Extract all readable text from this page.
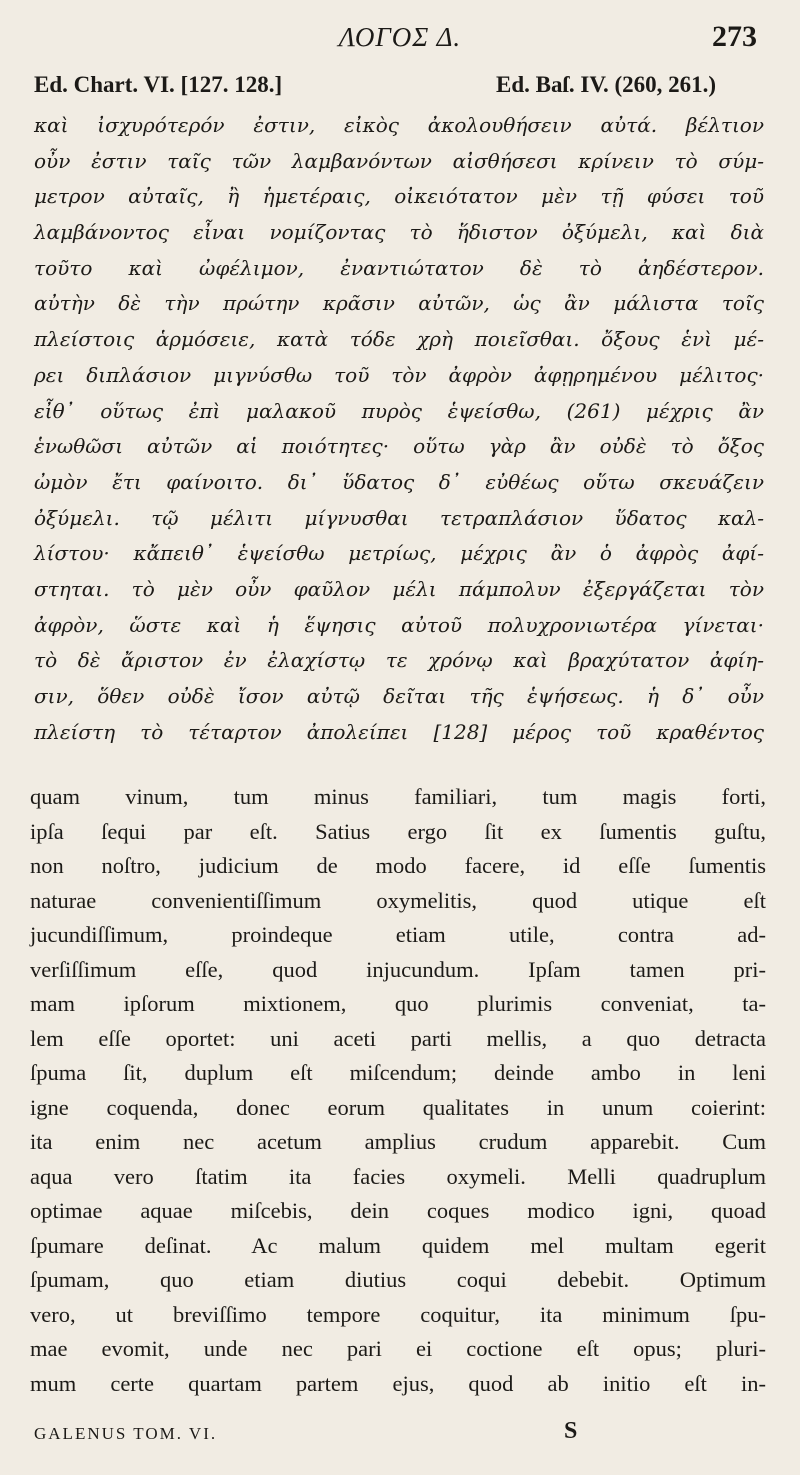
ΛΟΓΟΣ Δ.	273
Ed. Chart. VI. [127. 128.]	Ed. Baſ. IV. (260, 261.)
καὶ ἰσχυρότερόν ἐστιν, εἰκὸς ἀκολουθήσειν αὐτά. βέλτιον
οὖν ἐστιν ταῖς τῶν λαμβανόντων αἰσθήσεσι κρίνειν τὸ σύμ-
μετρον αὐταῖς, ἢ ἡμετέραις, οἰκειότατον μὲν τῇ φύσει τοῦ
λαμβάνοντος εἶναι νομίζοντας τὸ ἥδιστον ὀξύμελι, καὶ διὰ
τοῦτο καὶ ὠφέλιμον, ἐναντιώτατον δὲ τὸ ἀηδέστερον.
αὐτὴν δὲ τὴν πρώτην κρᾶσιν αὐτῶν, ὡς ἂν μάλιστα τοῖς
πλείστοις ἁρμόσειε, κατὰ τόδε χρὴ ποιεῖσθαι. ὄξους ἑνὶ μέ-
ρει διπλάσιον μιγνύσθω τοῦ τὸν ἀφρὸν ἀφῃρημένου μέλιτος·
εἶθ᾽ οὕτως ἐπὶ μαλακοῦ πυρὸς ἑψείσθω, (261) μέχρις ἂν
ἑνωθῶσι αὐτῶν αἱ ποιότητες· οὕτω γὰρ ἂν οὐδὲ τὸ ὄξος
ὠμὸν ἔτι φαίνοιτο. δι᾽ ὕδατος δ᾽ εὐθέως οὕτω σκευάζειν
ὀξύμελι. τῷ μέλιτι μίγνυσθαι τετραπλάσιον ὕδατος καλ-
λίστου· κἄπειθ᾽ ἑψείσθω μετρίως, μέχρις ἂν ὁ ἀφρὸς ἀφί-
στηται. τὸ μὲν οὖν φαῦλον μέλι πάμπολυν ἐξεργάζεται τὸν
ἀφρὸν, ὥστε καὶ ἡ ἕψησις αὐτοῦ πολυχρονιωτέρα γίνεται·
τὸ δὲ ἄριστον ἐν ἐλαχίστῳ τε χρόνῳ καὶ βραχύτατον ἀφίη-
σιν, ὅθεν οὐδὲ ἴσον αὐτῷ δεῖται τῆς ἑψήσεως. ἡ δ᾽ οὖν
πλείστη τὸ τέταρτον ἀπολείπει [128] μέρος τοῦ κραθέντος
quam vinum, tum minus familiari, tum magis forti,
ipſa ſequi par eſt. Satius ergo ſit ex ſumentis guſtu,
non noſtro, judicium de modo facere, id eſſe ſumentis
naturae convenientiſſimum oxymelitis, quod utique eſt
jucundiſſimum, proindeque etiam utile, contra ad-
verſiſſimum eſſe, quod injucundum. Ipſam tamen pri-
mam ipſorum mixtionem, quo plurimis conveniat, ta-
lem eſſe oportet: uni aceti parti mellis, a quo detracta
ſpuma ſit, duplum eſt miſcendum; deinde ambo in leni
igne coquenda, donec eorum qualitates in unum coierint:
ita enim nec acetum amplius crudum apparebit. Cum
aqua vero ſtatim ita facies oxymeli. Melli quadruplum
optimae aquae miſcebis, dein coques modico igni, quoad
ſpumare deſinat. Ac malum quidem mel multam egerit
ſpumam, quo etiam diutius coqui debebit. Optimum
vero, ut breviſſimo tempore coquitur, ita minimum ſpu-
mae evomit, unde nec pari ei coctione eſt opus; pluri-
mum certe quartam partem ejus, quod ab initio eſt in-
GALENUS TOM. VI.	S
